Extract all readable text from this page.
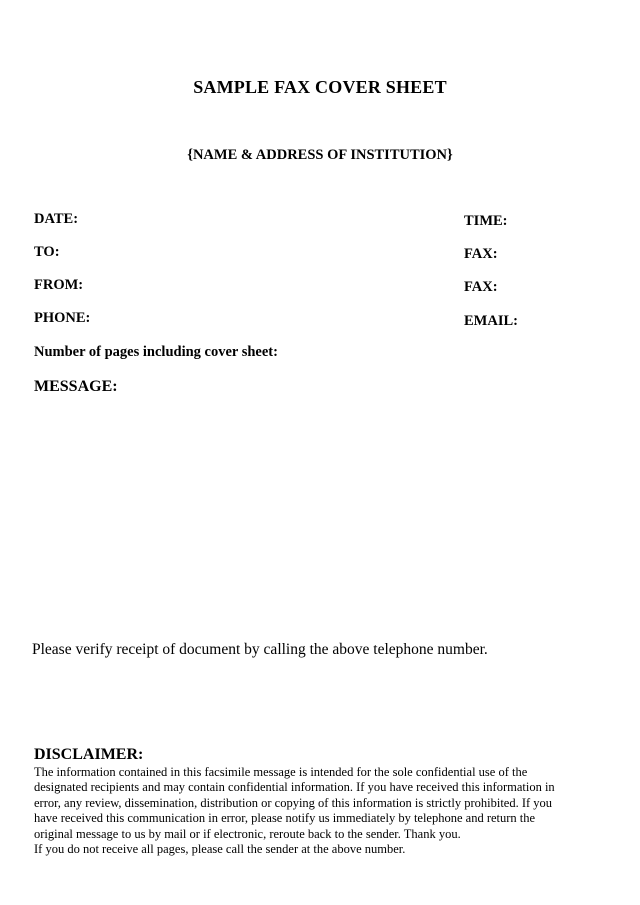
SAMPLE FAX COVER SHEET
{NAME & ADDRESS OF INSTITUTION}
DATE:	TIME:
TO:	FAX:
FROM:	FAX:
PHONE:	EMAIL:
Number of pages including cover sheet:
MESSAGE:
Please verify receipt of document by calling the above telephone number.
DISCLAIMER:
The information contained in this facsimile message is intended for the sole confidential use of the
designated recipients and may contain confidential information. If you have received this information in
error, any review, dissemination, distribution or copying of this information is strictly prohibited. If you
have received this communication in error, please notify us immediately by telephone and return the
original message to us by mail or if electronic, reroute back to the sender. Thank you.
If you do not receive all pages, please call the sender at the above number.
